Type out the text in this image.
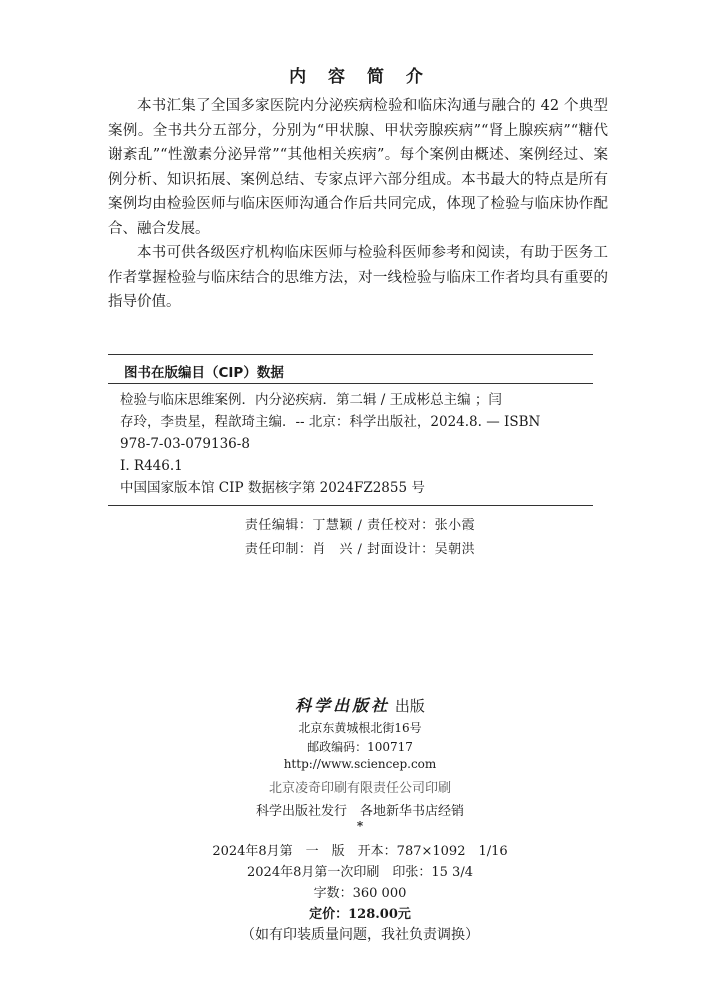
内 容 简 介

本书汇集了全国多家医院内分泌疾病检验和临床沟通与融合的 42 个典型案例。全书共分五部分，分别为“甲状腺、甲状旁腺疾病”“肾上腺疾病”“糖代谢紊乱”“性激素分泌异常”“其他相关疾病”。每个案例由概述、案例经过、案例分析、知识拓展、案例总结、专家点评六部分组成。本书最大的特点是所有案例均由检验医师与临床医师沟通合作后共同完成，体现了检验与临床协作配合、融合发展。

本书可供各级医疗机构临床医师与检验科医师参考和阅读，有助于医务工作者掌握检验与临床结合的思维方法，对一线检验与临床工作者均具有重要的指导价值。

图书在版编目（CIP）数据
检验与临床思维案例．内分泌疾病．第二辑 / 王成彬总主编 ；闫
存玲，李贵星，程歆琦主编．-- 北京：科学出版社，2024.8. — ISBN
978-7-03-079136-8
Ⅰ. R446.1
中国国家版本馆 CIP 数据核字第 2024FZ2855 号
责任编辑：丁慧颖 / 责任校对：张小霞
责任印制：肖　兴 / 封面设计：吴朝洪
科学出版社 出版
北京东黄城根北街16号
邮政编码：100717
http://www.sciencep.com
北京凌奇印刷有限责任公司印刷
科学出版社发行　各地新华书店经销
*
2024年8月第　一　版　开本：787×1092　1/16
2024年8月第一次印刷　印张：15 3/4
字数：360 000
定价：128.00元
（如有印装质量问题，我社负责调换）
